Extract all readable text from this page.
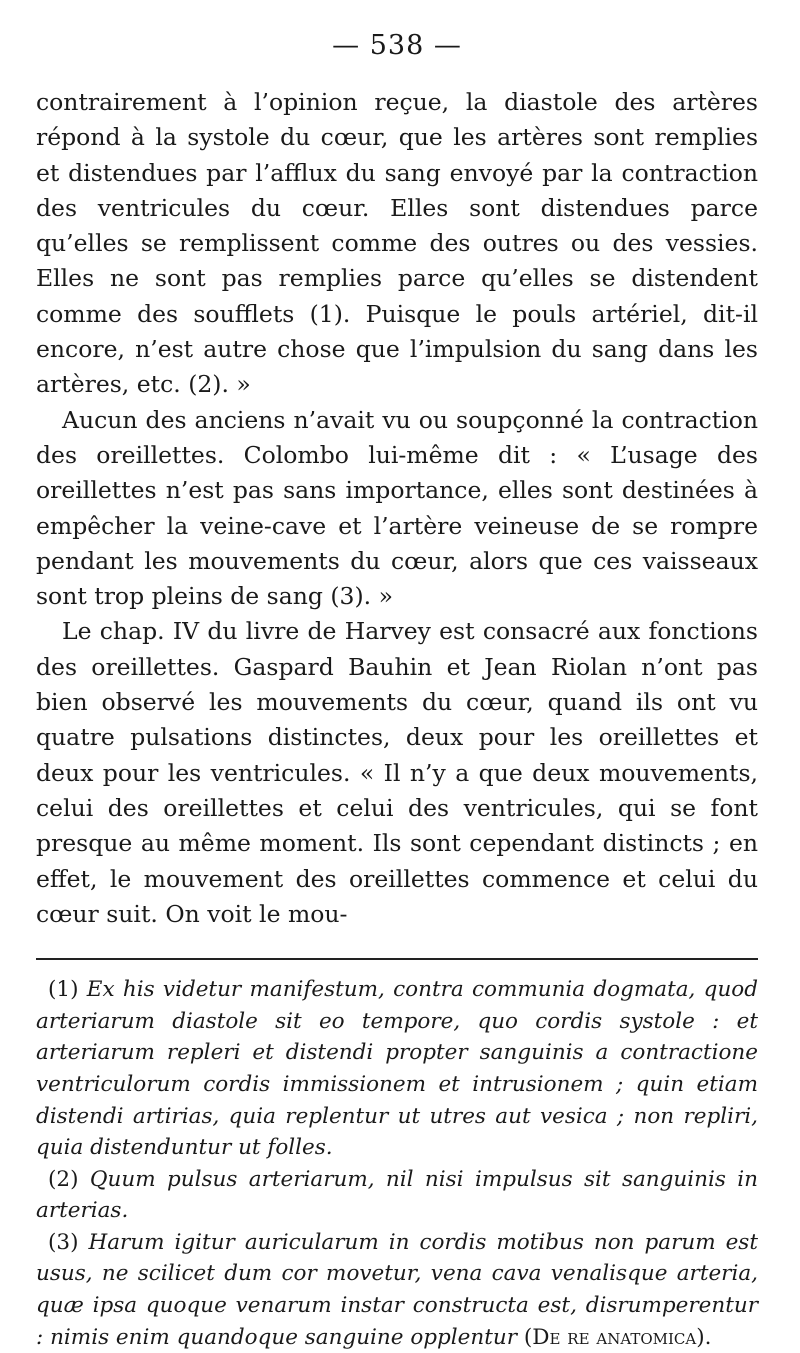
— 538 —

contrairement à l’opinion reçue, la diastole des artères répond à la systole du cœur, que les artères sont remplies et distendues par l’afflux du sang envoyé par la contraction des ventricules du cœur. Elles sont distendues parce qu’elles se remplissent comme des outres ou des vessies. Elles ne sont pas remplies parce qu’elles se distendent comme des soufflets (1). Puisque le pouls artériel, dit-il encore, n’est autre chose que l’impulsion du sang dans les artères, etc. (2). »

Aucun des anciens n’avait vu ou soupçonné la contraction des oreillettes. Colombo lui-même dit : « L’usage des oreillettes n’est pas sans importance, elles sont destinées à empêcher la veine-cave et l’artère veineuse de se rompre pendant les mouvements du cœur, alors que ces vaisseaux sont trop pleins de sang (3). »

Le chap. IV du livre de Harvey est consacré aux fonctions des oreillettes. Gaspard Bauhin et Jean Riolan n’ont pas bien observé les mouvements du cœur, quand ils ont vu quatre pulsations distinctes, deux pour les oreillettes et deux pour les ventricules. « Il n’y a que deux mouvements, celui des oreillettes et celui des ventricules, qui se font presque au même moment. Ils sont cependant distincts ; en effet, le mouvement des oreillettes commence et celui du cœur suit. On voit le mou-

(1) Ex his videtur manifestum, contra communia dogmata, quod arteriarum diastole sit eo tempore, quo cordis systole : et arteriarum repleri et distendi propter sanguinis a contractione ventriculorum cordis immissionem et intrusionem ; quin etiam distendi artirias, quia replentur ut utres aut vesica ; non repliri, quia distenduntur ut folles.

(2) Quum pulsus arteriarum, nil nisi impulsus sit sanguinis in arterias.

(3) Harum igitur auricularum in cordis motibus non parum est usus, ne scilicet dum cor movetur, vena cava venalisque arteria, quæ ipsa quoque venarum instar constructa est, disrumperentur : nimis enim quandoque sanguine opplentur (De re anatomica).
